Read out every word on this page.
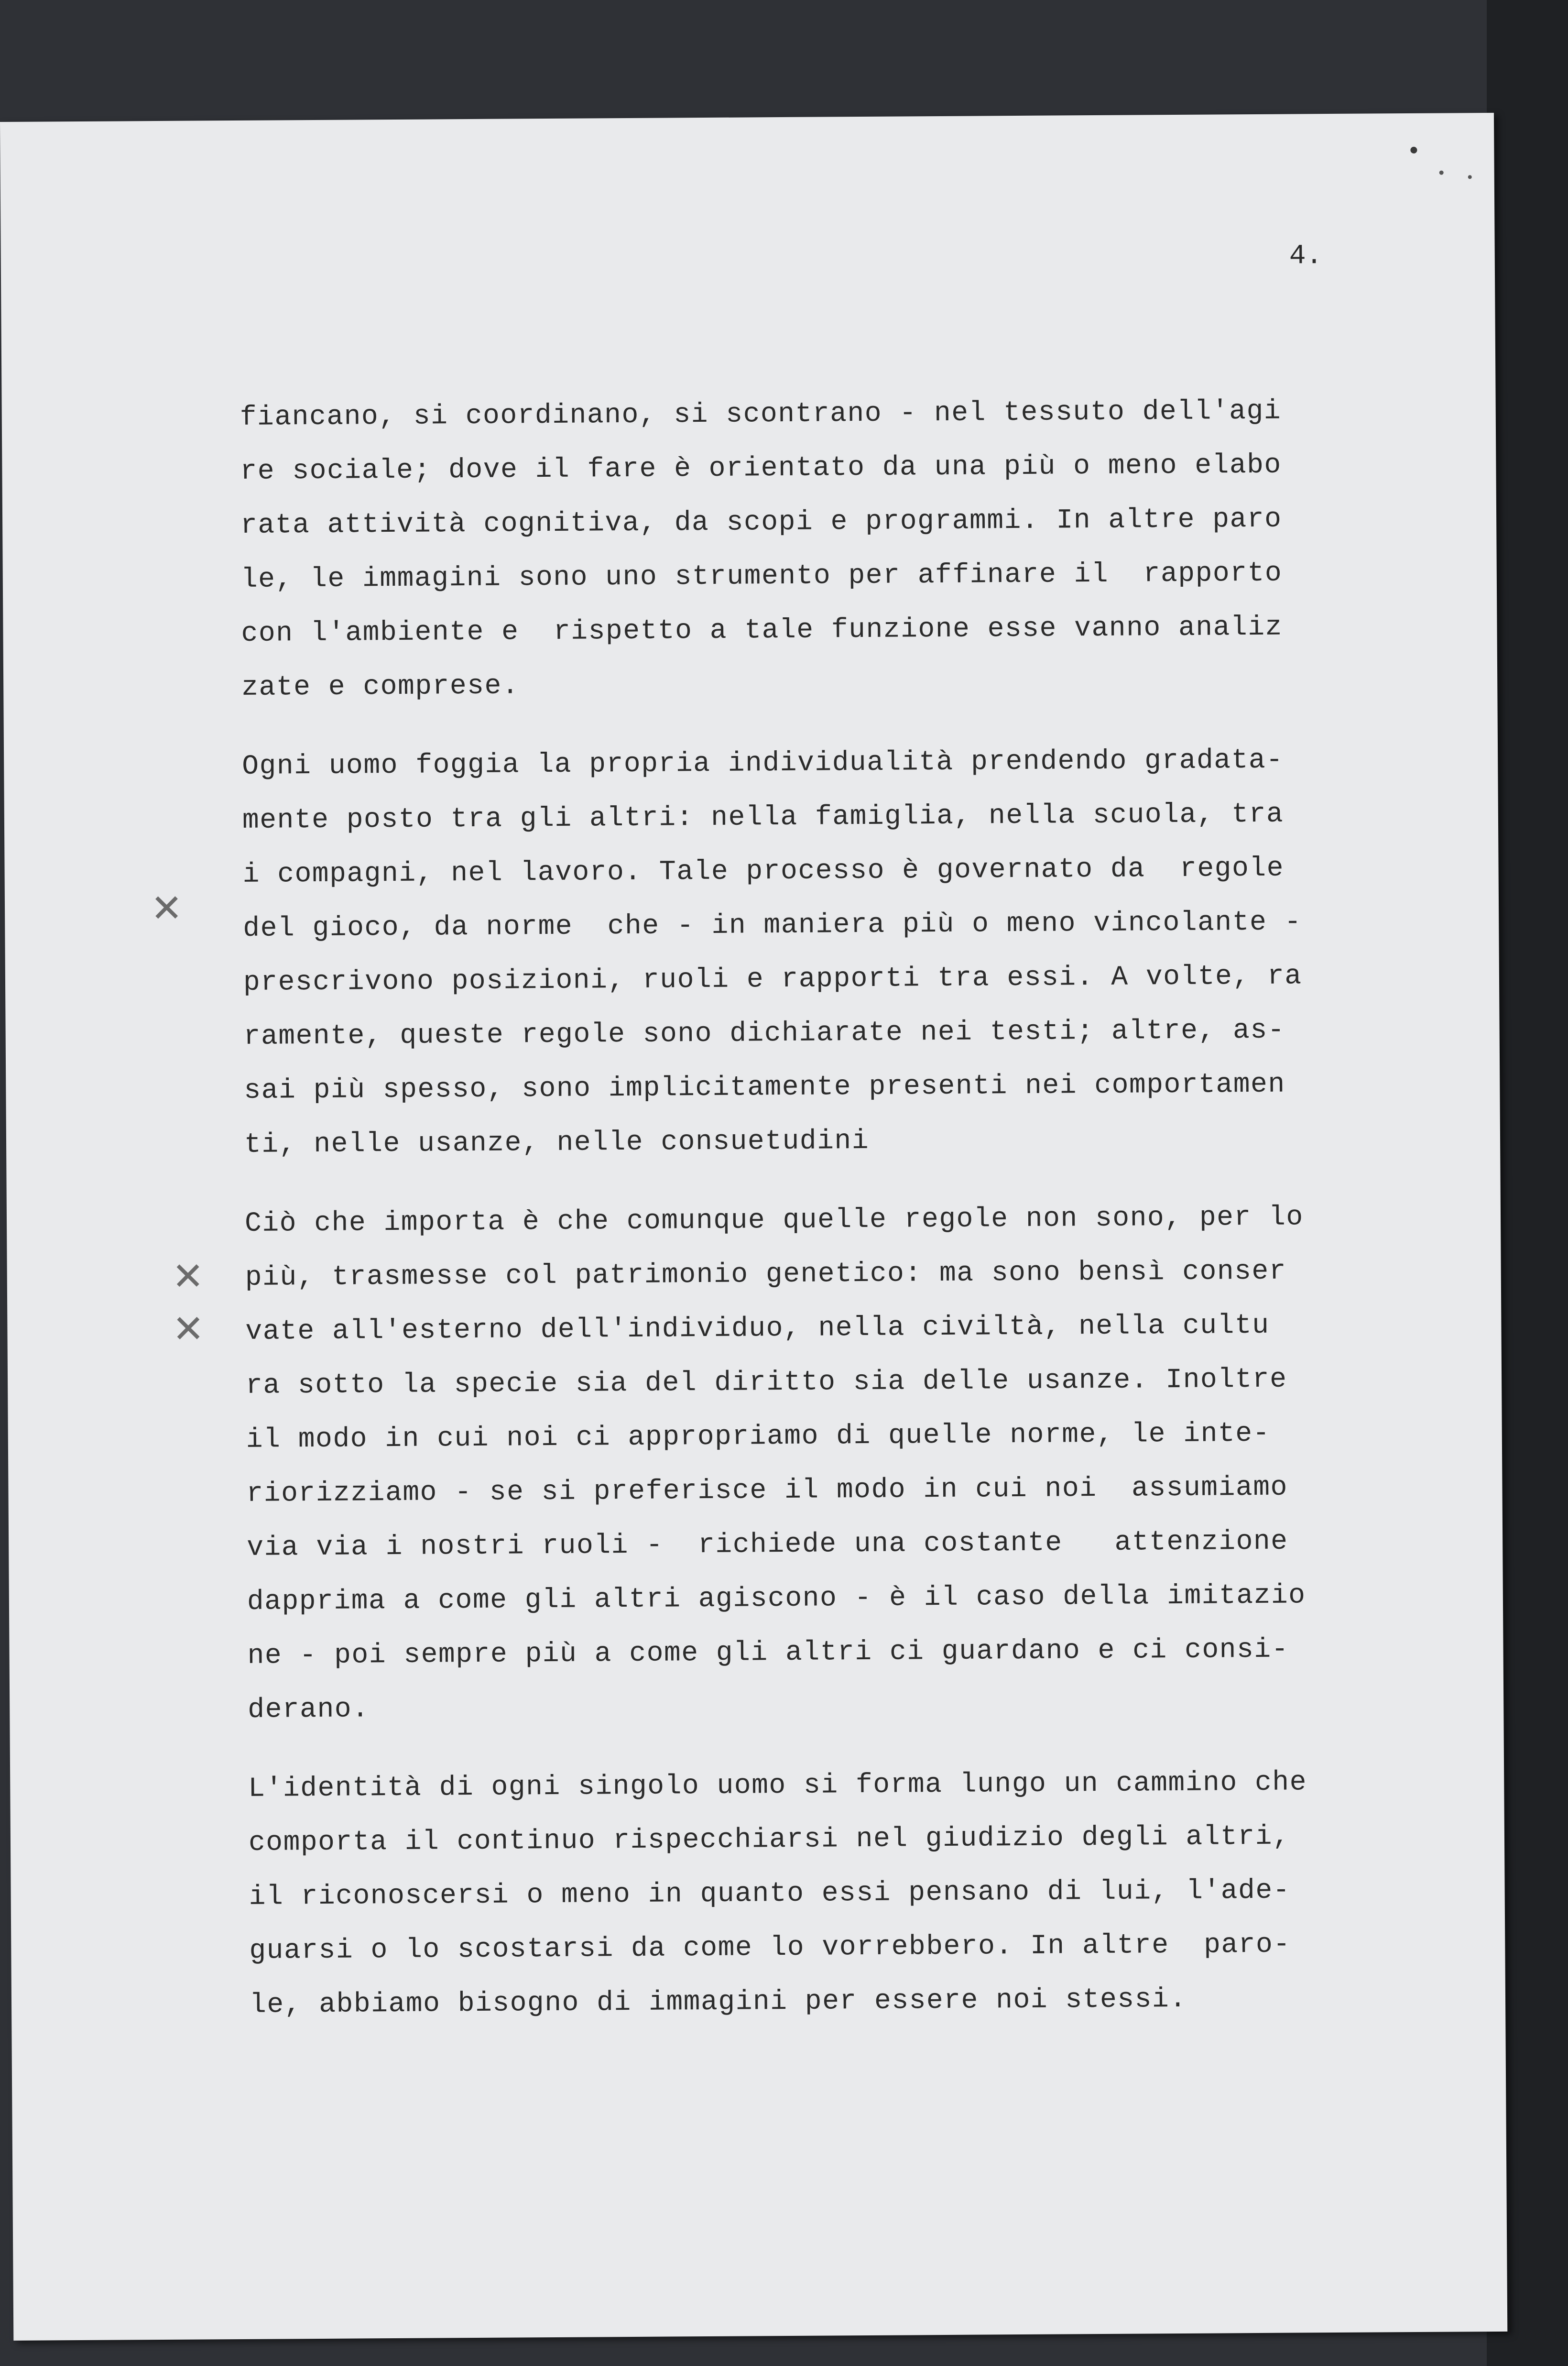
4.

✕

✕

✕

fiancano, si coordinano, si scontrano - nel tessuto dell'agi
re sociale; dove il fare è orientato da una più o meno elabo
rata attività cognitiva, da scopi e programmi. In altre paro
le, le immagini sono uno strumento per affinare il  rapporto
con l'ambiente e  rispetto a tale funzione esse vanno analiz
zate e comprese.
Ogni uomo foggia la propria individualità prendendo gradata-
mente posto tra gli altri: nella famiglia, nella scuola, tra
i compagni, nel lavoro. Tale processo è governato da  regole
del gioco, da norme  che - in maniera più o meno vincolante -
prescrivono posizioni, ruoli e rapporti tra essi. A volte, ra
ramente, queste regole sono dichiarate nei testi; altre, as-
sai più spesso, sono implicitamente presenti nei comportamen
ti, nelle usanze, nelle consuetudini
Ciò che importa è che comunque quelle regole non sono, per lo
più, trasmesse col patrimonio genetico: ma sono bensì conser
vate all'esterno dell'individuo, nella civiltà, nella cultu
ra sotto la specie sia del diritto sia delle usanze. Inoltre
il modo in cui noi ci appropriamo di quelle norme, le inte-
riorizziamo - se si preferisce il modo in cui noi  assumiamo
via via i nostri ruoli -  richiede una costante   attenzione
dapprima a come gli altri agiscono - è il caso della imitazio
ne - poi sempre più a come gli altri ci guardano e ci consi-
derano.
L'identità di ogni singolo uomo si forma lungo un cammino che
comporta il continuo rispecchiarsi nel giudizio degli altri,
il riconoscersi o meno in quanto essi pensano di lui, l'ade-
guarsi o lo scostarsi da come lo vorrebbero. In altre  paro-
le, abbiamo bisogno di immagini per essere noi stessi.
